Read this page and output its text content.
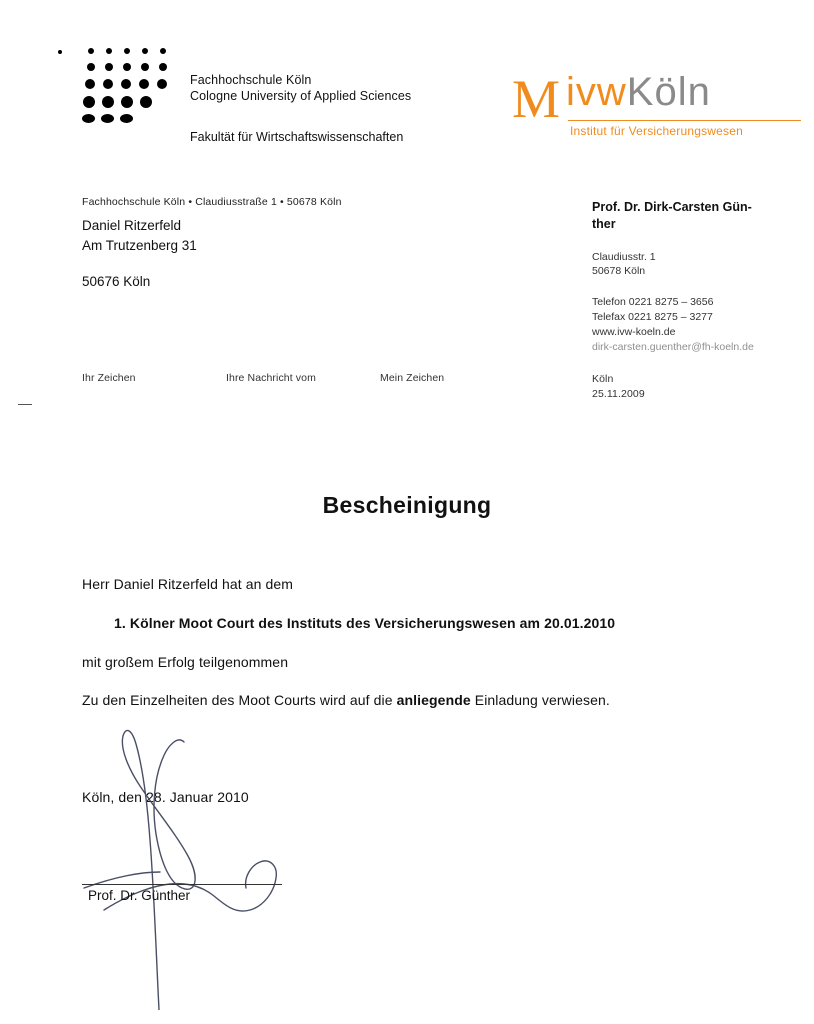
Fachhochschule Köln
Cologne University of Applied Sciences
Fakultät für Wirtschaftswissenschaften
M ivwKöln
Institut für Versicherungswesen
Fachhochschule Köln • Claudiusstraße 1 • 50678 Köln
Daniel Ritzerfeld
Am Trutzenberg 31
50676 Köln
Prof. Dr. Dirk-Carsten Gün-
ther
Claudiusstr. 1
50678 Köln
Telefon 0221 8275 – 3656
Telefax 0221 8275 – 3277
www.ivw-koeln.de
dirk-carsten.guenther@fh-koeln.de
Ihr Zeichen	Ihre Nachricht vom	Mein Zeichen	Köln
25.11.2009
Bescheinigung
Herr Daniel Ritzerfeld hat an dem
1. Kölner Moot Court des Instituts des Versicherungswesen am 20.01.2010
mit großem Erfolg teilgenommen
Zu den Einzelheiten des Moot Courts wird auf die anliegende Einladung verwiesen.
Köln, den 28. Januar 2010
Prof. Dr. Günther
